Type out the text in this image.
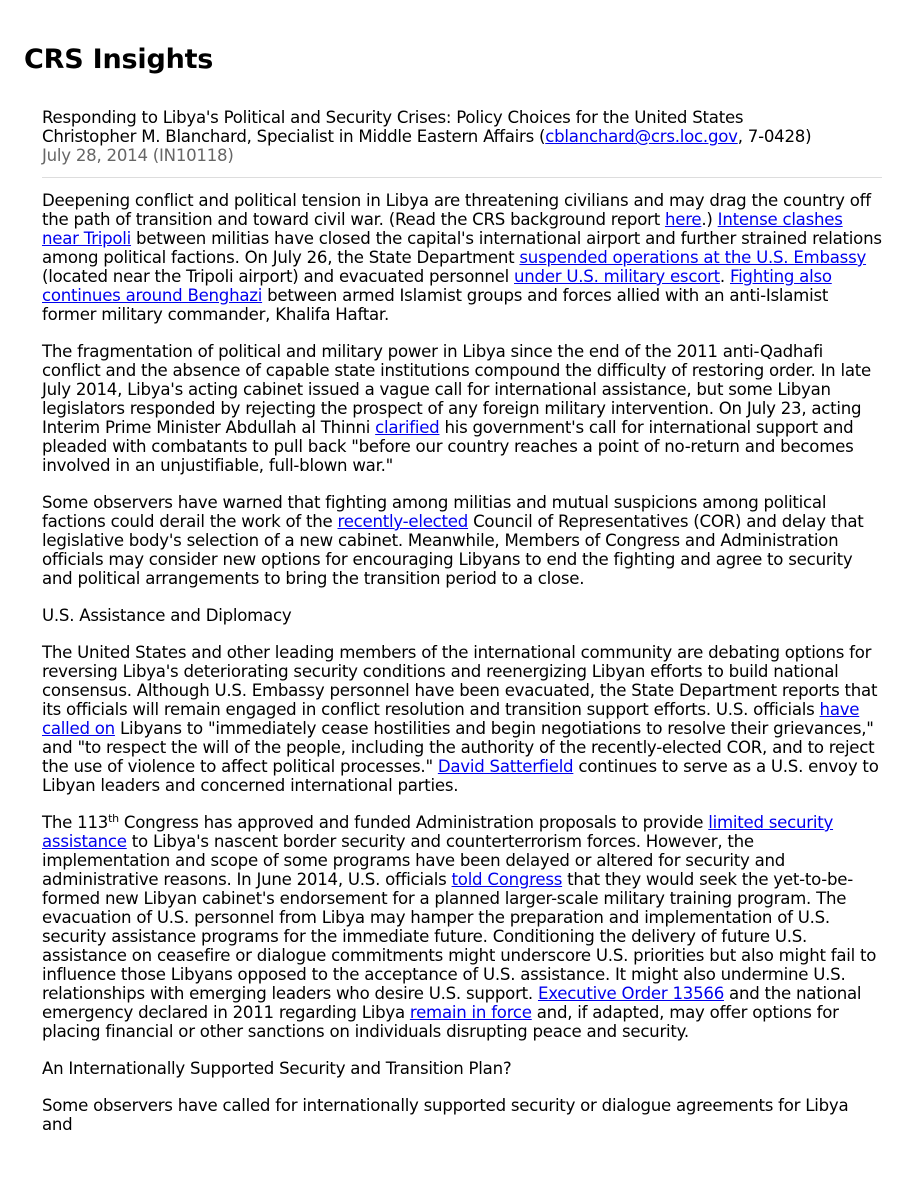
CRS Insights
Responding to Libya's Political and Security Crises: Policy Choices for the United States
Christopher M. Blanchard, Specialist in Middle Eastern Affairs (cblanchard@crs.loc.gov, 7-0428)
July 28, 2014 (IN10118)

Deepening conflict and political tension in Libya are threatening civilians and may drag the country off the path of transition and toward civil war. (Read the CRS background report here.) Intense clashes near Tripoli between militias have closed the capital's international airport and further strained relations among political factions. On July 26, the State Department suspended operations at the U.S. Embassy (located near the Tripoli airport) and evacuated personnel under U.S. military escort. Fighting also continues around Benghazi between armed Islamist groups and forces allied with an anti-Islamist former military commander, Khalifa Haftar.

The fragmentation of political and military power in Libya since the end of the 2011 anti-Qadhafi conflict and the absence of capable state institutions compound the difficulty of restoring order. In late July 2014, Libya's acting cabinet issued a vague call for international assistance, but some Libyan legislators responded by rejecting the prospect of any foreign military intervention. On July 23, acting Interim Prime Minister Abdullah al Thinni clarified his government's call for international support and pleaded with combatants to pull back "before our country reaches a point of no-return and becomes involved in an unjustifiable, full-blown war."

Some observers have warned that fighting among militias and mutual suspicions among political factions could derail the work of the recently-elected Council of Representatives (COR) and delay that legislative body's selection of a new cabinet. Meanwhile, Members of Congress and Administration officials may consider new options for encouraging Libyans to end the fighting and agree to security and political arrangements to bring the transition period to a close.

U.S. Assistance and Diplomacy

The United States and other leading members of the international community are debating options for reversing Libya's deteriorating security conditions and reenergizing Libyan efforts to build national consensus. Although U.S. Embassy personnel have been evacuated, the State Department reports that its officials will remain engaged in conflict resolution and transition support efforts. U.S. officials have called on Libyans to "immediately cease hostilities and begin negotiations to resolve their grievances," and "to respect the will of the people, including the authority of the recently-elected COR, and to reject the use of violence to affect political processes." David Satterfield continues to serve as a U.S. envoy to Libyan leaders and concerned international parties.

The 113th Congress has approved and funded Administration proposals to provide limited security assistance to Libya's nascent border security and counterterrorism forces. However, the implementation and scope of some programs have been delayed or altered for security and administrative reasons. In June 2014, U.S. officials told Congress that they would seek the yet-to-be-formed new Libyan cabinet's endorsement for a planned larger-scale military training program. The evacuation of U.S. personnel from Libya may hamper the preparation and implementation of U.S. security assistance programs for the immediate future. Conditioning the delivery of future U.S. assistance on ceasefire or dialogue commitments might underscore U.S. priorities but also might fail to influence those Libyans opposed to the acceptance of U.S. assistance. It might also undermine U.S. relationships with emerging leaders who desire U.S. support. Executive Order 13566 and the national emergency declared in 2011 regarding Libya remain in force and, if adapted, may offer options for placing financial or other sanctions on individuals disrupting peace and security.

An Internationally Supported Security and Transition Plan?

Some observers have called for internationally supported security or dialogue agreements for Libya and
